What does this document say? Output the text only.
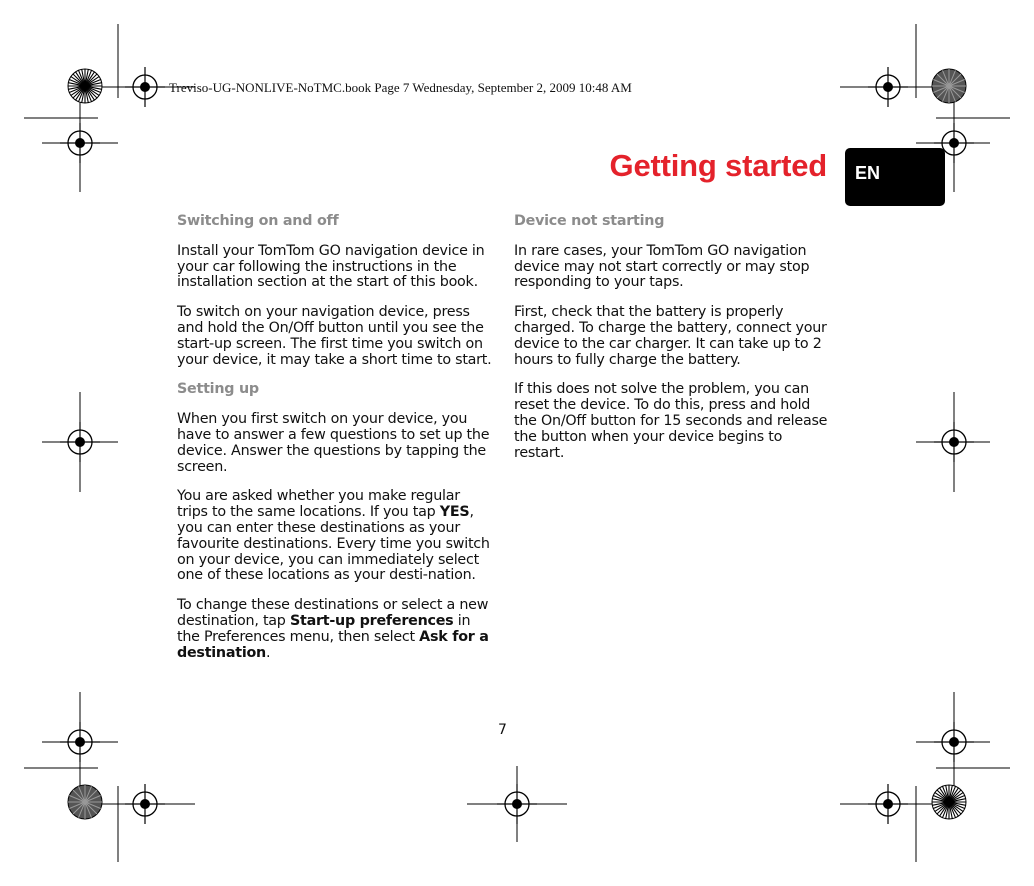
Treviso-UG-NONLIVE-NoTMC.book Page 7 Wednesday, September 2, 2009 10:48 AM
Getting started EN
Switching on and off
Install your TomTom GO navigation device in your car following the instructions in the installation section at the start of this book.
To switch on your navigation device, press and hold the On/Off button until you see the start-up screen. The first time you switch on your device, it may take a short time to start.
Setting up
When you first switch on your device, you have to answer a few questions to set up the device. Answer the questions by tapping the screen.
You are asked whether you make regular trips to the same locations. If you tap YES, you can enter these destinations as your favourite destinations. Every time you switch on your device, you can immediately select one of these locations as your desti-nation.
To change these destinations or select a new destination, tap Start-up preferences in the Preferences menu, then select Ask for a destination.
Device not starting
In rare cases, your TomTom GO navigation device may not start correctly or may stop responding to your taps.
First, check that the battery is properly charged. To charge the battery, connect your device to the car charger. It can take up to 2 hours to fully charge the battery.
If this does not solve the problem, you can reset the device. To do this, press and hold the On/Off button for 15 seconds and release the button when your device begins to restart.
7
